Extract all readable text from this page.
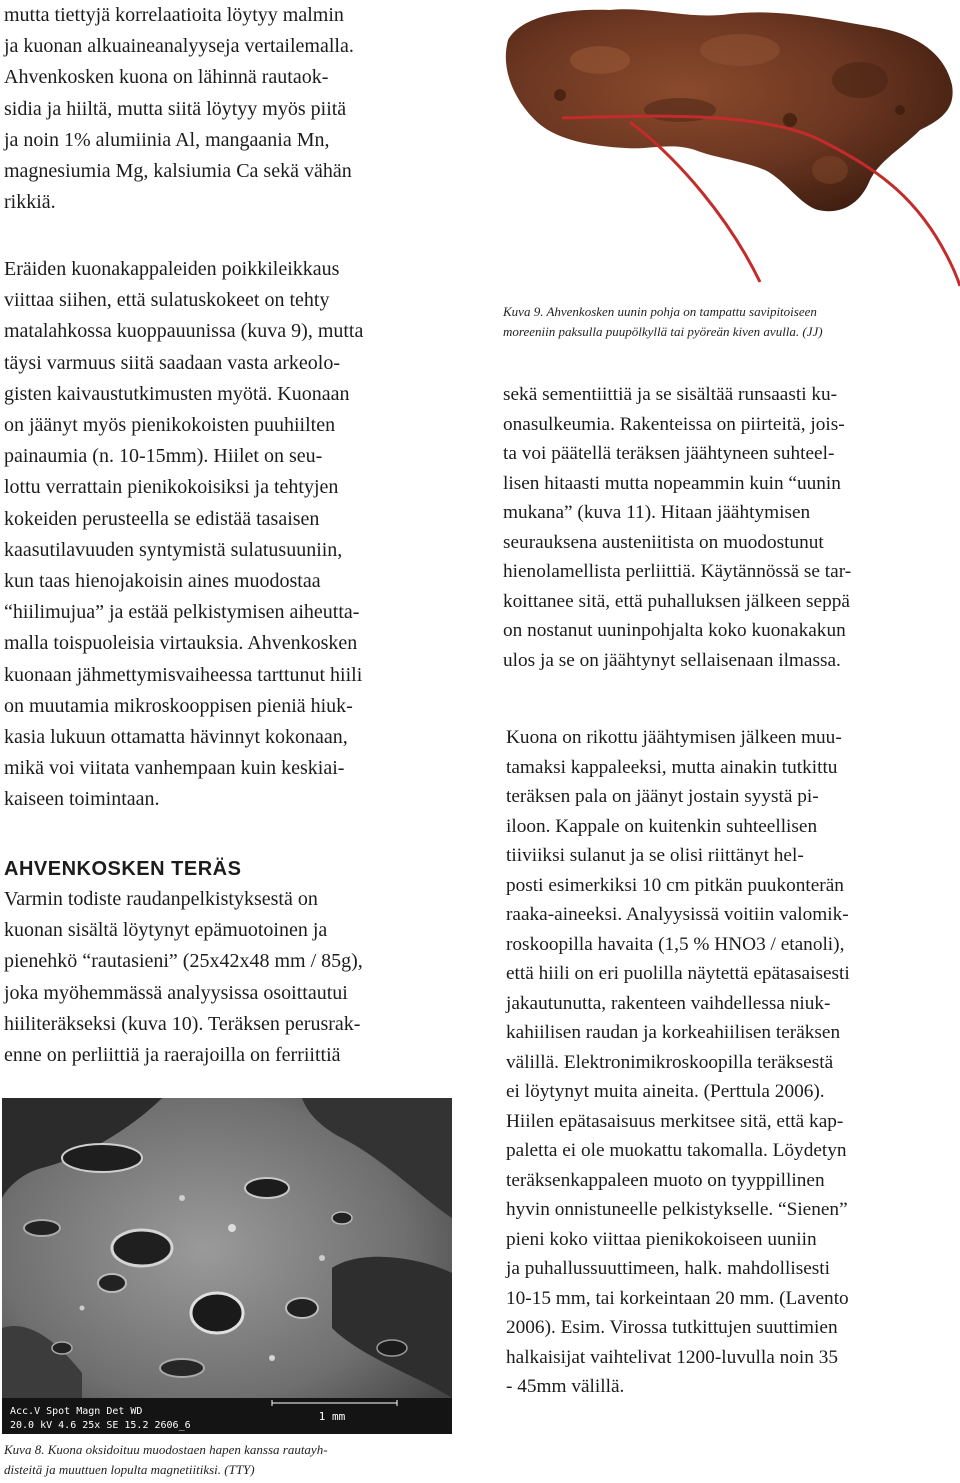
mutta tiettyjä korrelaatioita löytyy malmin
ja kuonan alkuaineanalyyseja vertailemalla.
Ahvenkosken kuona on lähinnä rautaok-
sidia ja hiiltä, mutta siitä löytyy myös piitä
ja noin 1% alumiinia Al, mangaania Mn,
magnesiumia Mg, kalsiumia Ca sekä vähän
rikkiä.

Eräiden kuonakappaleiden poikkileikkaus
viittaa siihen, että sulatuskokeet on tehty
matalahkossa kuoppauunissa (kuva 9), mutta
täysi varmuus siitä saadaan vasta arkeolo-
gisten kaivaustutkimusten myötä. Kuonaan
on jäänyt myös pienikokoisten puuhiilten
painaumia (n. 10-15mm). Hiilet on seu-
lottu verrattain pienikokoisiksi ja tehtyjen
kokeiden perusteella se edistää tasaisen
kaasutilavuuden syntymistä sulatusuuniin,
kun taas hienojakoisin aines muodostaa
“hiilimujua” ja estää pelkistymisen aiheutta-
malla toispuoleisia virtauksia. Ahvenkosken
kuonaan jähmettymisvaiheessa tarttunut hiili
on muutamia mikroskooppisen pieniä hiuk-
kasia lukuun ottamatta hävinnyt kokonaan,
mikä voi viitata vanhempaan kuin keskiai-
kaiseen toimintaan.

AHVENKOSKEN TERÄS

Varmin todiste raudanpelkistyksestä on
kuonan sisältä löytynyt epämuotoinen ja
pienehkö “rautasieni” (25x42x48 mm / 85g),
joka myöhemmässä analyysissa osoittautui
hiiliteräkseksi (kuva 10). Teräksen perusrak-
enne on perliittiä ja raerajoilla on ferriittiä

Acc.V Spot Magn Det WD
20.0 kV 4.6 25x SE 15.2 2606_6
1 mm

Kuva 8. Kuona oksidoituu muodostaen hapen kanssa rautayh-
disteitä ja muuttuen lopulta magnetiitiksi. (TTY)

Kuva 9. Ahvenkosken uunin pohja on tampattu savipitoiseen
moreeniin paksulla puupölkyllä tai pyöreän kiven avulla. (JJ)

sekä sementiittiä ja se sisältää runsaasti ku-
onasulkeumia. Rakenteissa on piirteitä, jois-
ta voi päätellä teräksen jäähtyneen suhteel-
lisen hitaasti mutta nopeammin kuin “uunin
mukana” (kuva 11). Hitaan jäähtymisen
seurauksena austeniitista on muodostunut
hienolamellista perliittiä. Käytännössä se tar-
koittanee sitä, että puhalluksen jälkeen seppä
on nostanut uuninpohjalta koko kuonakakun
ulos ja se on jäähtynyt sellaisenaan ilmassa.

Kuona on rikottu jäähtymisen jälkeen muu-
tamaksi kappaleeksi, mutta ainakin tutkittu
teräksen pala on jäänyt jostain syystä pi-
iloon. Kappale on kuitenkin suhteellisen
tiiviiksi sulanut ja se olisi riittänyt hel-
posti esimerkiksi 10 cm pitkän puukonterän
raaka-aineeksi. Analyysissä voitiin valomik-
roskoopilla havaita (1,5 % HNO3 / etanoli),
että hiili on eri puolilla näytettä epätasaisesti
jakautunutta, rakenteen vaihdellessa niuk-
kahiilisen raudan ja korkeahiilisen teräksen
välillä. Elektronimikroskoopilla teräksestä
ei löytynyt muita aineita. (Perttula 2006).
Hiilen epätasaisuus merkitsee sitä, että kap-
paletta ei ole muokattu takomalla. Löydetyn
teräksenkappaleen muoto on tyyppillinen
hyvin onnistuneelle pelkistykselle. “Sienen”
pieni koko viittaa pienikokoiseen uuniin
ja puhallussuuttimeen, halk. mahdollisesti
10-15 mm, tai korkeintaan 20 mm. (Lavento
2006). Esim. Virossa tutkittujen suuttimien
halkaisijat vaihtelivat 1200-luvulla noin 35
- 45mm välillä.
